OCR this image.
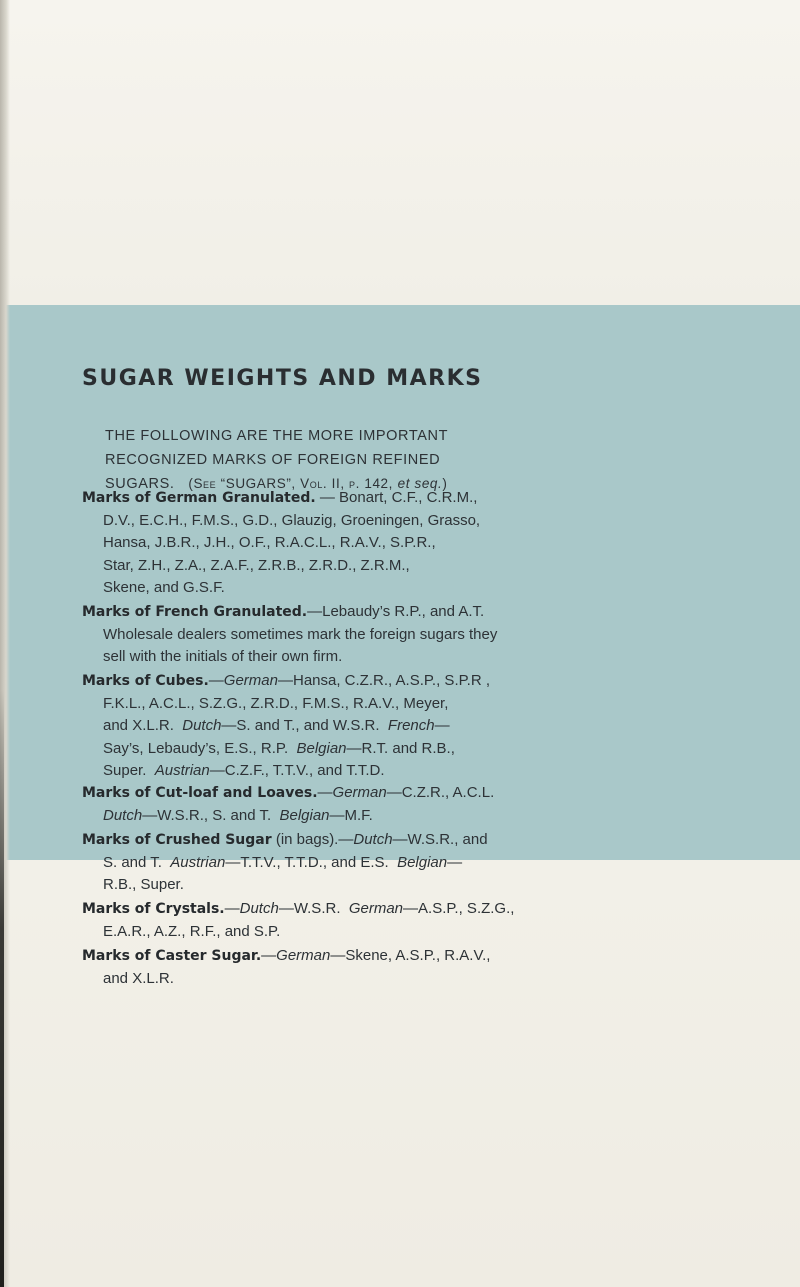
SUGAR WEIGHTS AND MARKS
THE FOLLOWING ARE THE MORE IMPORTANT
RECOGNIZED MARKS OF FOREIGN REFINED
SUGARS. (See “SUGARS”, Vol. II, p. 142, et seq.)
Marks of German Granulated. — Bonart, C.F., C.R.M.,
D.V., E.C.H., F.M.S., G.D., Glauzig, Groeningen, Grasso,
Hansa, J.B.R., J.H., O.F., R.A.C.L., R.A.V., S.P.R.,
Star, Z.H., Z.A., Z.A.F., Z.R.B., Z.R.D., Z.R.M.,
Skene, and G.S.F.
Marks of French Granulated.—Lebaudy’s R.P., and A.T.
Wholesale dealers sometimes mark the foreign sugars they
sell with the initials of their own firm.
Marks of Cubes.—German—Hansa, C.Z.R., A.S.P., S.P.R ,
F.K.L., A.C.L., S.Z.G., Z.R.D., F.M.S., R.A.V., Meyer,
and X.L.R. Dutch—S. and T., and W.S.R. French—
Say’s, Lebaudy’s, E.S., R.P. Belgian—R.T. and R.B.,
Super. Austrian—C.Z.F., T.T.V., and T.T.D.
Marks of Cut-loaf and Loaves.—German—C.Z.R., A.C.L.
Dutch—W.S.R., S. and T. Belgian—M.F.
Marks of Crushed Sugar (in bags).—Dutch—W.S.R., and
S. and T. Austrian—T.T.V., T.T.D., and E.S. Belgian—
R.B., Super.
Marks of Crystals.—Dutch—W.S.R. German—A.S.P., S.Z.G.,
E.A.R., A.Z., R.F., and S.P.
Marks of Caster Sugar.—German—Skene, A.S.P., R.A.V.,
and X.L.R.
